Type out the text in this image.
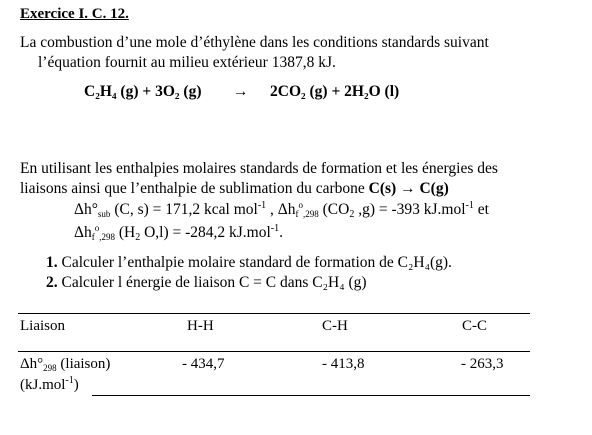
Exercice I. C. 12.
La combustion d’une mole d’éthylène dans les conditions standards suivant
l’équation fournit au milieu extérieur 1387,8 kJ.
C₂H₄ (g) + 3O₂ (g) → 2CO₂ (g) + 2H₂O (l)
En utilisant les enthalpies molaires standards de formation et les énergies des
liaisons ainsi que l’enthalpie de sublimation du carbone C(s) → C(g)
$\Delta h^\circ_{sub}$ (C, s) = 171,2 kcal mol$^{-1}$ , $\Delta h_f^o_{,298}$ ($CO_2$ ,g) = -393 kJ.mol$^{-1}$ et
$\Delta h_f^o_{,298}$ ($H_2$ O,l) = -284,2 kJ.mol$^{-1}$.
1. Calculer l’enthalpie molaire standard de formation de C₂H₄(g).
2. Calculer l énergie de liaison C = C dans C₂H₄ (g)
Liaison	H-H	C-H	C-C
$\Delta h^\circ_{298}$ (liaison)
(kJ.mol$^{-1}$)
- 434,7	- 413,8	- 263,3
